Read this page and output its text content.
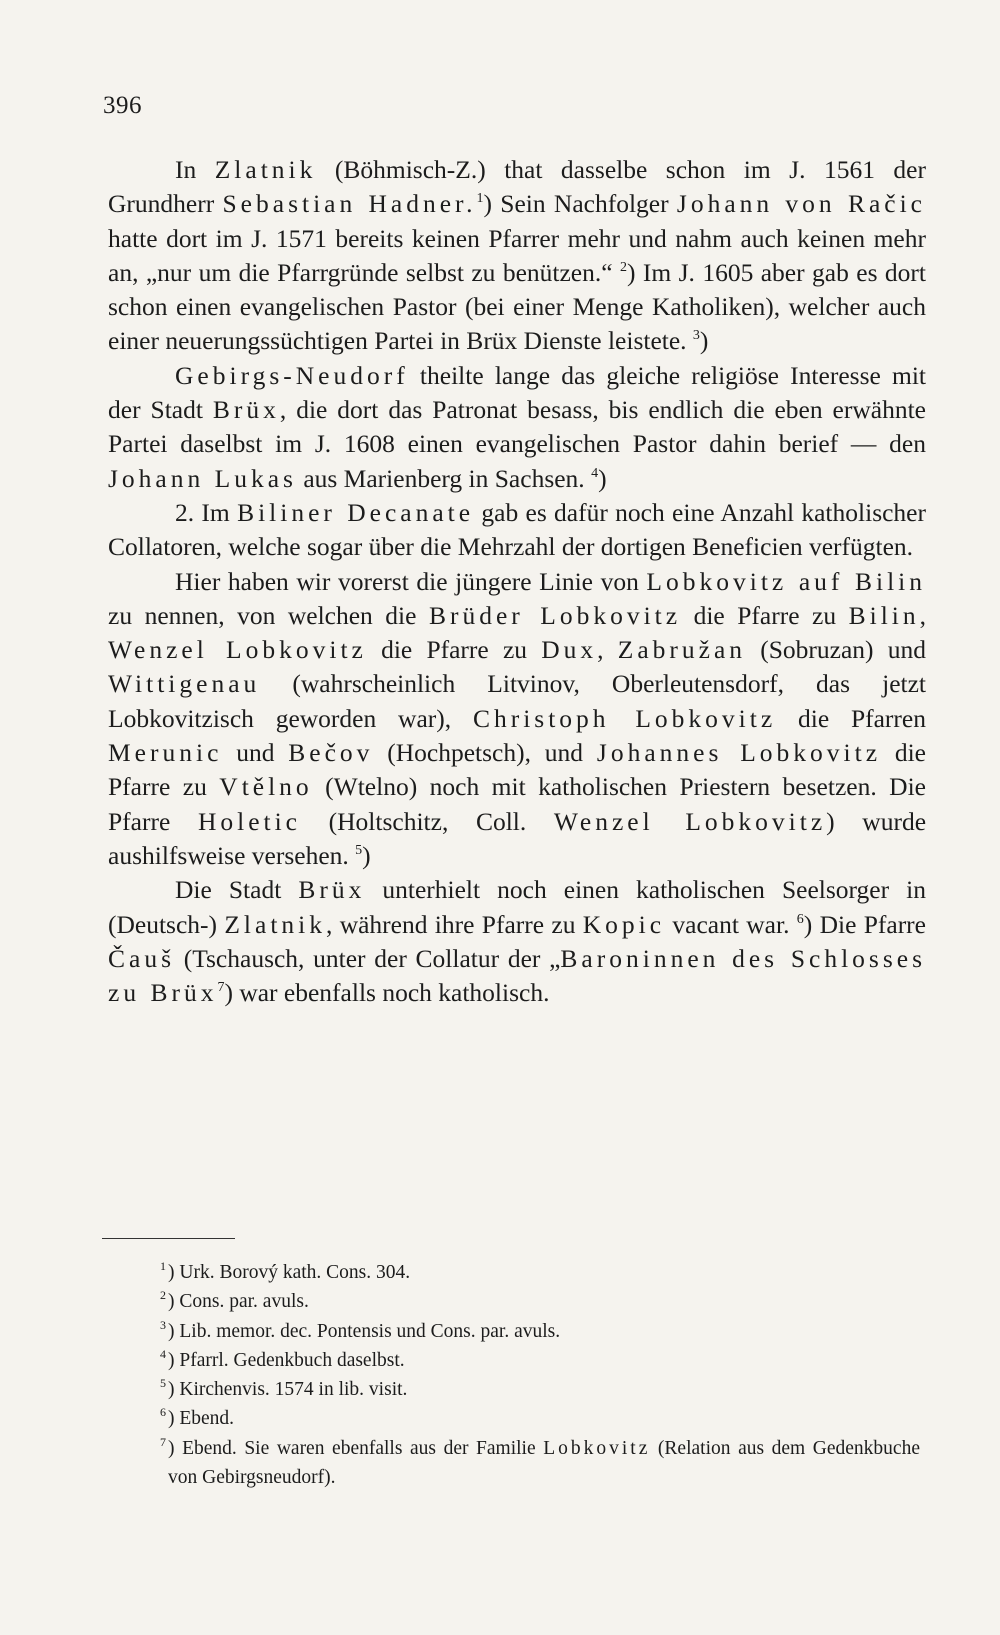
396

In Zlatnik (Böhmisch-Z.) that dasselbe schon im J. 1561 der Grundherr Sebastian Hadner.$^1$) Sein Nachfolger Johann von Račic hatte dort im J. 1571 bereits keinen Pfarrer mehr und nahm auch keinen mehr an, „nur um die Pfarrgründe selbst zu benützen.“ $^2$) Im J. 1605 aber gab es dort schon einen evangelischen Pastor (bei einer Menge Katholiken), welcher auch einer neuerungssüchtigen Partei in Brüx Dienste leistete. $^3$)

Gebirgs-Neudorf theilte lange das gleiche religiöse Interesse mit der Stadt Brüx, die dort das Patronat besass, bis endlich die eben erwähnte Partei daselbst im J. 1608 einen evangelischen Pastor dahin berief — den Johann Lukas aus Marienberg in Sachsen. $^4$)

2. Im Biliner Decanate gab es dafür noch eine Anzahl katholischer Collatoren, welche sogar über die Mehrzahl der dortigen Beneficien verfügten.

Hier haben wir vorerst die jüngere Linie von Lobkovitz auf Bilin zu nennen, von welchen die Brüder Lobkovitz die Pfarre zu Bilin, Wenzel Lobkovitz die Pfarre zu Dux, Zabružan (Sobruzan) und Wittigenau (wahrscheinlich Litvinov, Oberleutensdorf, das jetzt Lobkovitzisch geworden war), Christoph Lobkovitz die Pfarren Merunic und Bečov (Hochpetsch), und Johannes Lobkovitz die Pfarre zu Vtělno (Wtelno) noch mit katholischen Priestern besetzen. Die Pfarre Holetic (Holtschitz, Coll. Wenzel Lobkovitz) wurde aushilfsweise versehen. $^5$)

Die Stadt Brüx unterhielt noch einen katholischen Seelsorger in (Deutsch-) Zlatnik, während ihre Pfarre zu Kopic vacant war. $^6$) Die Pfarre Čauš (Tschausch, unter der Collatur der „Baroninnen des Schlosses zu Brüx$^7$) war ebenfalls noch katholisch.

1 ) Urk. Borový kath. Cons. 304.
2 ) Cons. par. avuls.
3 ) Lib. memor. dec. Pontensis und Cons. par. avuls.
4 ) Pfarrl. Gedenkbuch daselbst.
5 ) Kirchenvis. 1574 in lib. visit.
6 ) Ebend.
7 ) Ebend. Sie waren ebenfalls aus der Familie Lobkovitz (Relation aus dem Gedenkbuche von Gebirgsneudorf).
